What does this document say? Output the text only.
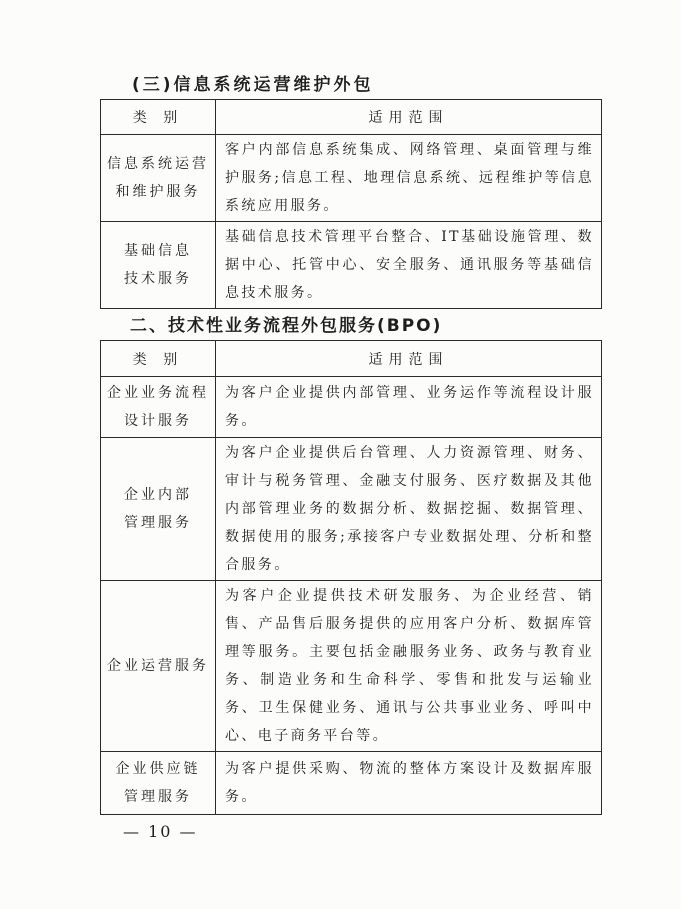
(三)信息系统运营维护外包
类 别	适用范围

信息系统运营
和维护服务	客户内部信息系统集成、网络管理、桌面管理与维护服务;信息工程、地理信息系统、远程维护等信息系统应用服务。

基础信息
技术服务	基础信息技术管理平台整合、IT基础设施管理、数据中心、托管中心、安全服务、通讯服务等基础信息技术服务。
二、技术性业务流程外包服务(BPO)
类 别	适用范围

企业业务流程
设计服务	为客户企业提供内部管理、业务运作等流程设计服务。

企业内部
管理服务	为客户企业提供后台管理、人力资源管理、财务、审计与税务管理、金融支付服务、医疗数据及其他内部管理业务的数据分析、数据挖掘、数据管理、数据使用的服务;承接客户专业数据处理、分析和整合服务。

企业运营服务	为客户企业提供技术研发服务、为企业经营、销售、产品售后服务提供的应用客户分析、数据库管理等服务。主要包括金融服务业务、政务与教育业务、制造业务和生命科学、零售和批发与运输业务、卫生保健业务、通讯与公共事业业务、呼叫中心、电子商务平台等。

企业供应链
管理服务	为客户提供采购、物流的整体方案设计及数据库服务。
— 10 —
